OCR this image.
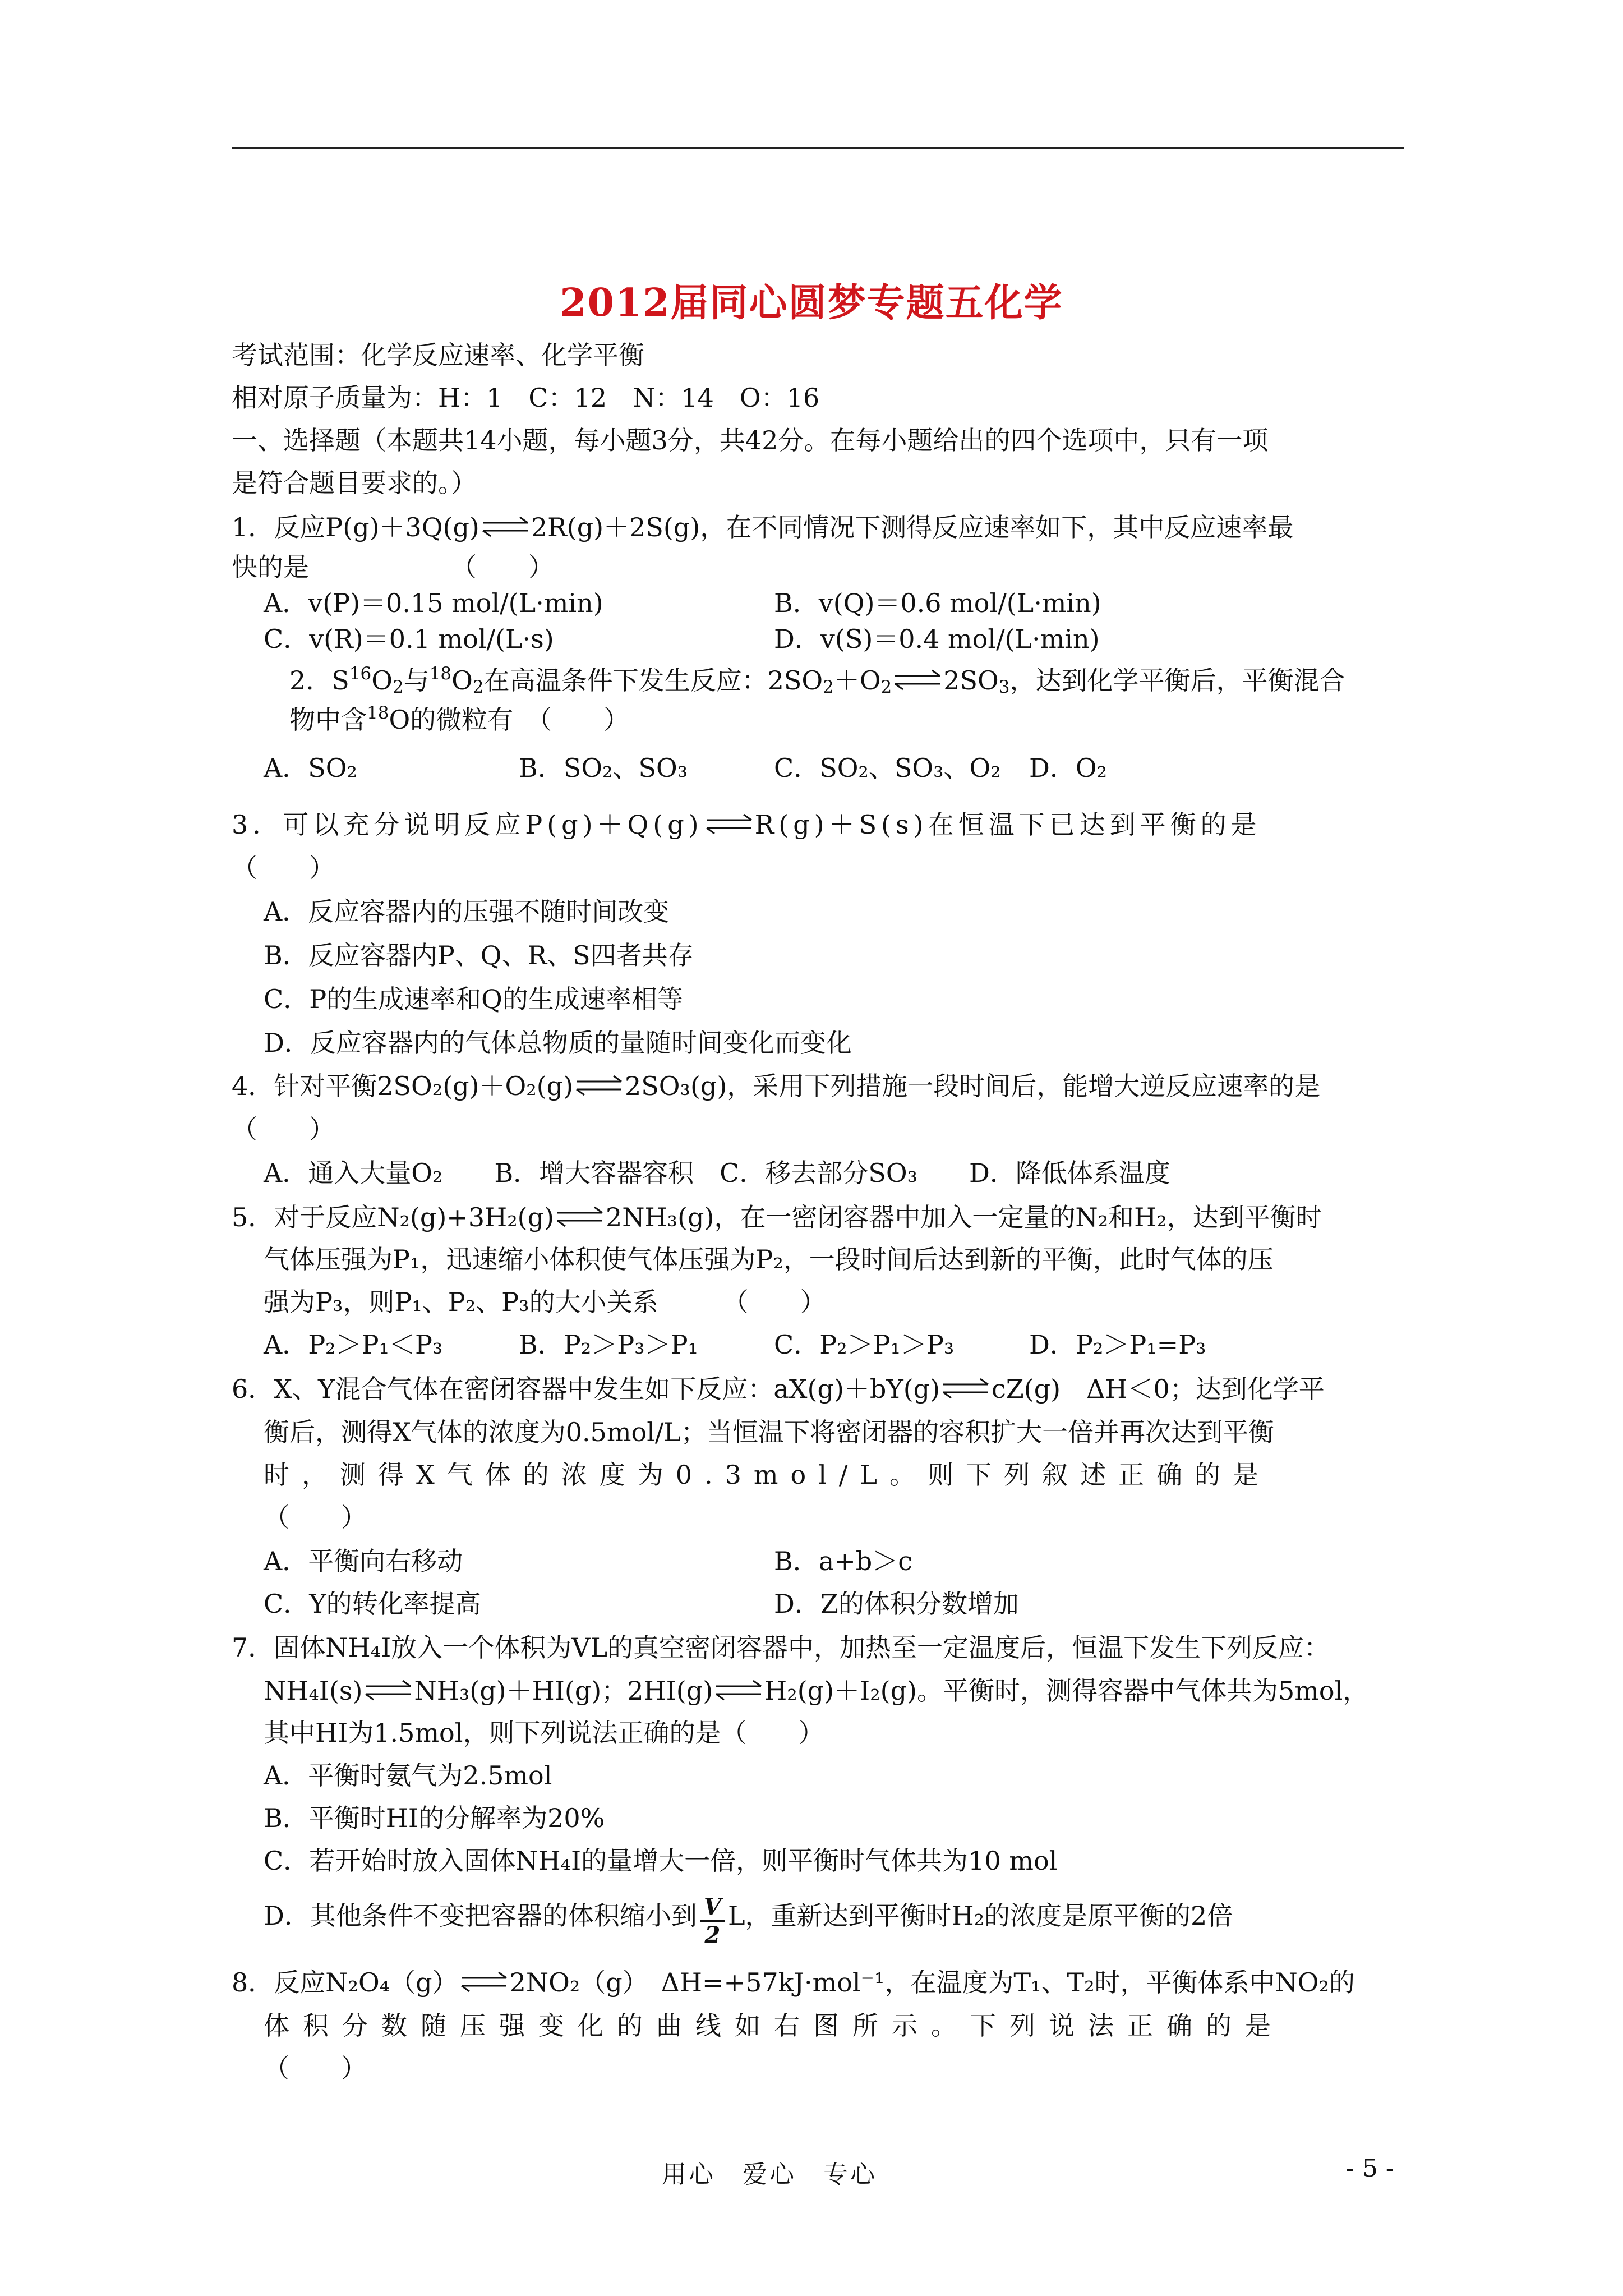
2012届同心圆梦专题五化学
考试范围：化学反应速率、化学平衡
相对原子质量为：H：1　C：12　N：14　O：16
一、选择题（本题共14小题，每小题3分，共42分。在每小题给出的四个选项中，只有一项
是符合题目要求的。）
1．反应P(g)＋3Q(g)⇌2R(g)＋2S(g)，在不同情况下测得反应速率如下，其中反应速率最
快的是　　　　　　（　　）
A．v(P)＝0.15 mol/(L·min)	B．v(Q)＝0.6 mol/(L·min)
C．v(R)＝0.1 mol/(L·s)	D．v(S)＝0.4 mol/(L·min)
2．$S^{16}O2$与$^{18}$O2在高温条件下发生反应：2SO2＋O2⇌2SO3，达到化学平衡后，平衡混合
物中含$^{18}$O的微粒有　（　　）
A．SO₂	B．SO₂、SO₃	C．SO₂、SO₃、O₂ D．O₂
3．可以充分说明反应P(g)＋Q(g)⇌R(g)＋S(s)在恒温下已达到平衡的是
（　　）
A．反应容器内的压强不随时间改变
B．反应容器内P、Q、R、S四者共存
C．P的生成速率和Q的生成速率相等
D．反应容器内的气体总物质的量随时间变化而变化
4．针对平衡2SO₂(g)＋O₂(g)⇌2SO₃(g)，采用下列措施一段时间后，能增大逆反应速率的是
（　　）
A．通入大量O₂　　B．增大容器容积　C．移去部分SO₃　　D．降低体系温度
5．对于反应N₂(g)+3H₂(g)⇌2NH₃(g)，在一密闭容器中加入一定量的N₂和H₂，达到平衡时
气体压强为P₁，迅速缩小体积使气体压强为P₂，一段时间后达到新的平衡，此时气体的压
强为P₃，则P₁、P₂、P₃的大小关系　　　（　　）
A．P₂＞P₁＜P₃	B．P₂＞P₃＞P₁	C．P₂＞P₁＞P₃	D．P₂＞P₁=P₃
6．X、Y混合气体在密闭容器中发生如下反应：aX(g)＋bY(g)⇌cZ(g)　ΔH＜0；达到化学平
衡后，测得X气体的浓度为0.5mol/L；当恒温下将密闭器的容积扩大一倍并再次达到平衡
时，测得X气体的浓度为0.3mol/L。则下列叙述正确的是
（　　）
A．平衡向右移动	B．a+b＞c
C．Y的转化率提高	D．Z的体积分数增加
7．固体NH₄I放入一个体积为VL的真空密闭容器中，加热至一定温度后，恒温下发生下列反应：
NH₄I(s)⇌NH₃(g)＋HI(g)；2HI(g)⇌H₂(g)＋I₂(g)。平衡时，测得容器中气体共为5mol，
其中HI为1.5mol，则下列说法正确的是（　　）
A．平衡时氨气为2.5mol
B．平衡时HI的分解率为20%
C．若开始时放入固体NH₄I的量增大一倍，则平衡时气体共为10 mol
D．其他条件不变把容器的体积缩小到 $\frac{V}{2}$ L，重新达到平衡时H₂的浓度是原平衡的2倍
8．反应N₂O₄（g）⇌2NO₂（g）　ΔH=+57kJ·mol⁻¹，在温度为T₁、T₂时，平衡体系中NO₂的
体积分数随压强变化的曲线如右图所示。下列说法正确的是
（　　）
用心　爱心　专心	- 5 -
